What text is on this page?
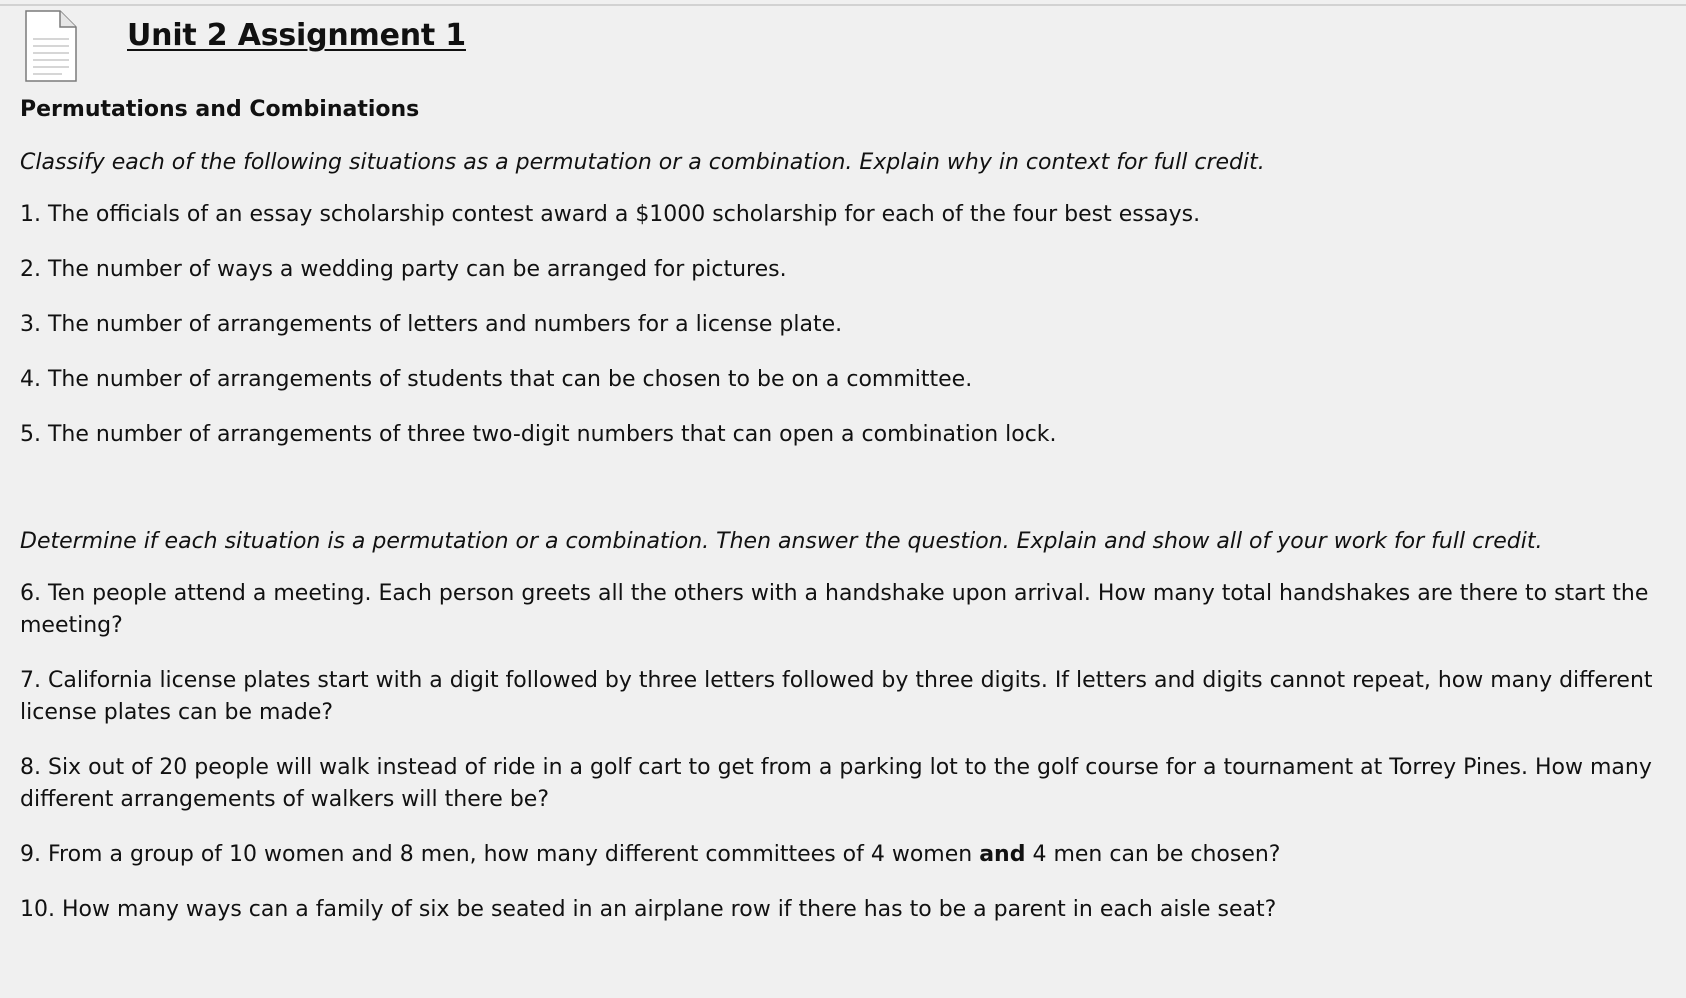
Unit 2 Assignment 1
Permutations and Combinations
Classify each of the following situations as a permutation or a combination. Explain why in context for full credit.
1. The officials of an essay scholarship contest award a $1000 scholarship for each of the four best essays.
2. The number of ways a wedding party can be arranged for pictures.
3. The number of arrangements of letters and numbers for a license plate.
4. The number of arrangements of students that can be chosen to be on a committee.
5. The number of arrangements of three two-digit numbers that can open a combination lock.
Determine if each situation is a permutation or a combination. Then answer the question. Explain and show all of your work for full credit.
6. Ten people attend a meeting. Each person greets all the others with a handshake upon arrival. How many total handshakes are there to start the meeting?
7. California license plates start with a digit followed by three letters followed by three digits. If letters and digits cannot repeat, how many different license plates can be made?
8. Six out of 20 people will walk instead of ride in a golf cart to get from a parking lot to the golf course for a tournament at Torrey Pines. How many different arrangements of walkers will there be?
9. From a group of 10 women and 8 men, how many different committees of 4 women and 4 men can be chosen?
10. How many ways can a family of six be seated in an airplane row if there has to be a parent in each aisle seat?
